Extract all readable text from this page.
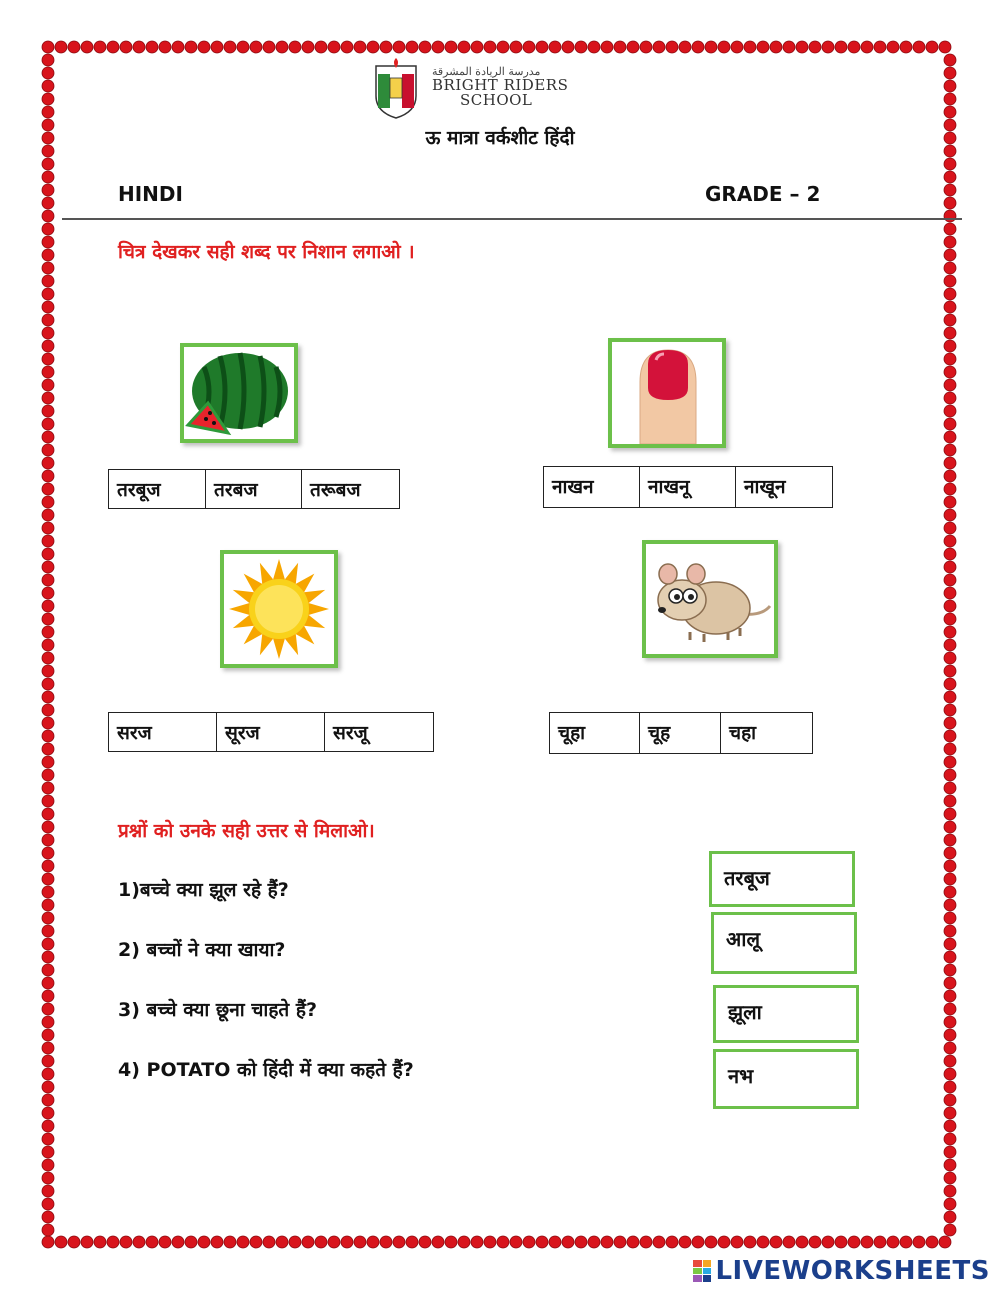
مدرسة الريادة المشرقة
BRIGHT RIDERS
SCHOOL
ऊ मात्रा वर्कशीट हिंदी
HINDI	GRADE – 2
चित्र देखकर सही शब्द पर निशान लगाओ ।
तरबूज	तरबज	तरूबज	नाखन	नाखनू	नाखून
सरज	सूरज	सरजू	चूहा	चूह	चहा
प्रश्नों को उनके सही उत्तर से मिलाओ।
1)बच्चे क्या झूल रहे हैं?
2) बच्चों ने क्या खाया?
3) बच्चे क्या छूना चाहते हैं?
4) POTATO को हिंदी में क्या कहते हैं?
तरबूज
आलू
झूला
नभ
LIVEWORKSHEETS
